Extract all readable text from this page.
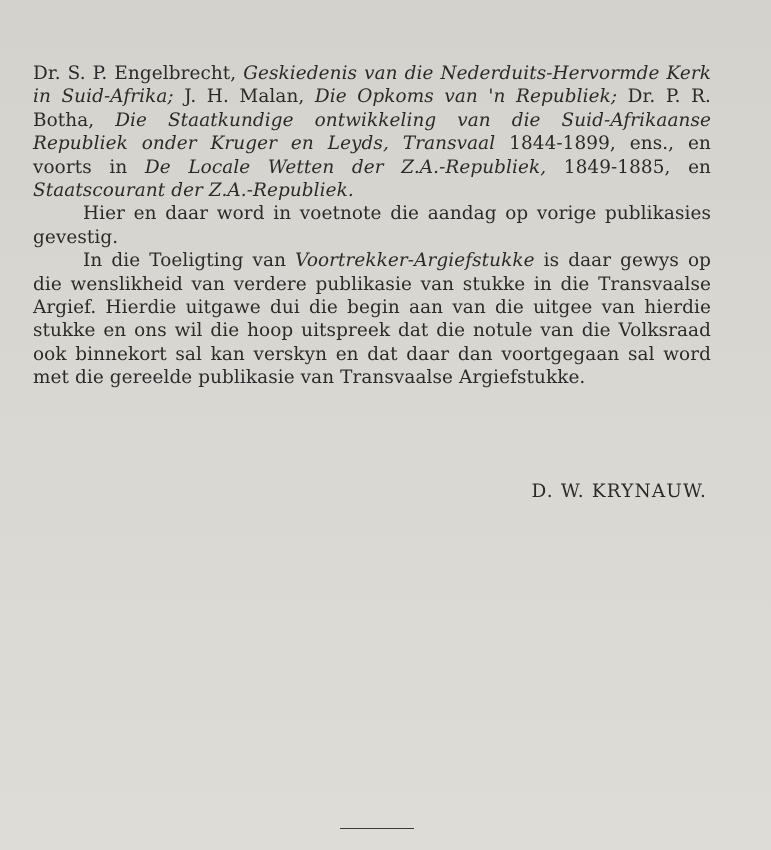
Dr. S. P. Engelbrecht, Geskiedenis van die Nederduits-Hervormde Kerk in Suid-Afrika; J. H. Malan, Die Opkoms van 'n Republiek; Dr. P. R. Botha, Die Staatkundige ontwikkeling van die Suid-Afrikaanse Republiek onder Kruger en Leyds, Transvaal 1844-1899, ens., en voorts in De Locale Wetten der Z.A.-Republiek, 1849-1885, en Staatscourant der Z.A.-Republiek.

Hier en daar word in voetnote die aandag op vorige publikasies gevestig.

In die Toeligting van Voortrekker-Argiefstukke is daar gewys op die wenslikheid van verdere publikasie van stukke in die Transvaalse Argief. Hierdie uitgawe dui die begin aan van die uitgee van hierdie stukke en ons wil die hoop uitspreek dat die notule van die Volksraad ook binnekort sal kan verskyn en dat daar dan voortgegaan sal word met die gereelde publikasie van Transvaalse Argiefstukke.

D. W. KRYNAUW.
